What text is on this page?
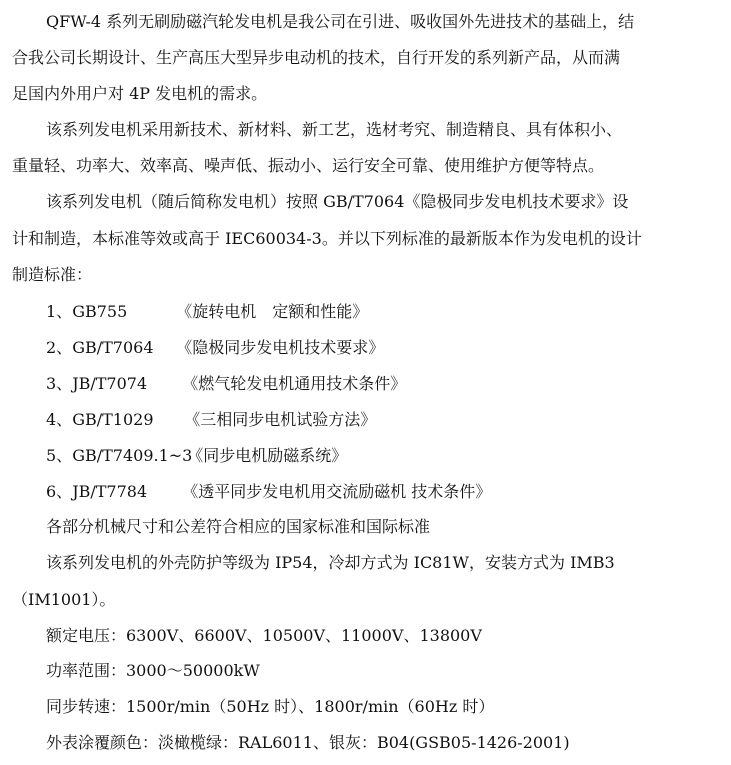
QFW-4 系列无刷励磁汽轮发电机是我公司在引进、吸收国外先进技术的基础上，结
合我公司长期设计、生产高压大型异步电动机的技术，自行开发的系列新产品，从而满
足国内外用户对 4P 发电机的需求。
该系列发电机采用新技术、新材料、新工艺，选材考究、制造精良、具有体积小、
重量轻、功率大、效率高、噪声低、振动小、运行安全可靠、使用维护方便等特点。
该系列发电机（随后简称发电机）按照 GB/T7064《隐极同步发电机技术要求》设
计和制造，本标准等效或高于 IEC60034-3。并以下列标准的最新版本作为发电机的设计
制造标准：
1、GB755	《旋转电机　定额和性能》
2、GB/T7064 《隐极同步发电机技术要求》
3、JB/T7074 《燃气轮发电机通用技术条件》
4、GB/T1029 《三相同步电机试验方法》
5、GB/T7409.1~3《同步电机励磁系统》
6、JB/T7784 《透平同步发电机用交流励磁机 技术条件》
各部分机械尺寸和公差符合相应的国家标准和国际标准
该系列发电机的外壳防护等级为 IP54，冷却方式为 IC81W，安装方式为 IMB3
（IM1001）。
额定电压：6300V、6600V、10500V、11000V、13800V
功率范围：3000～50000kW
同步转速：1500r/min（50Hz 时）、1800r/min（60Hz 时）
外表涂覆颜色：淡橄榄绿：RAL6011、银灰：B04(GSB05-1426-2001)
